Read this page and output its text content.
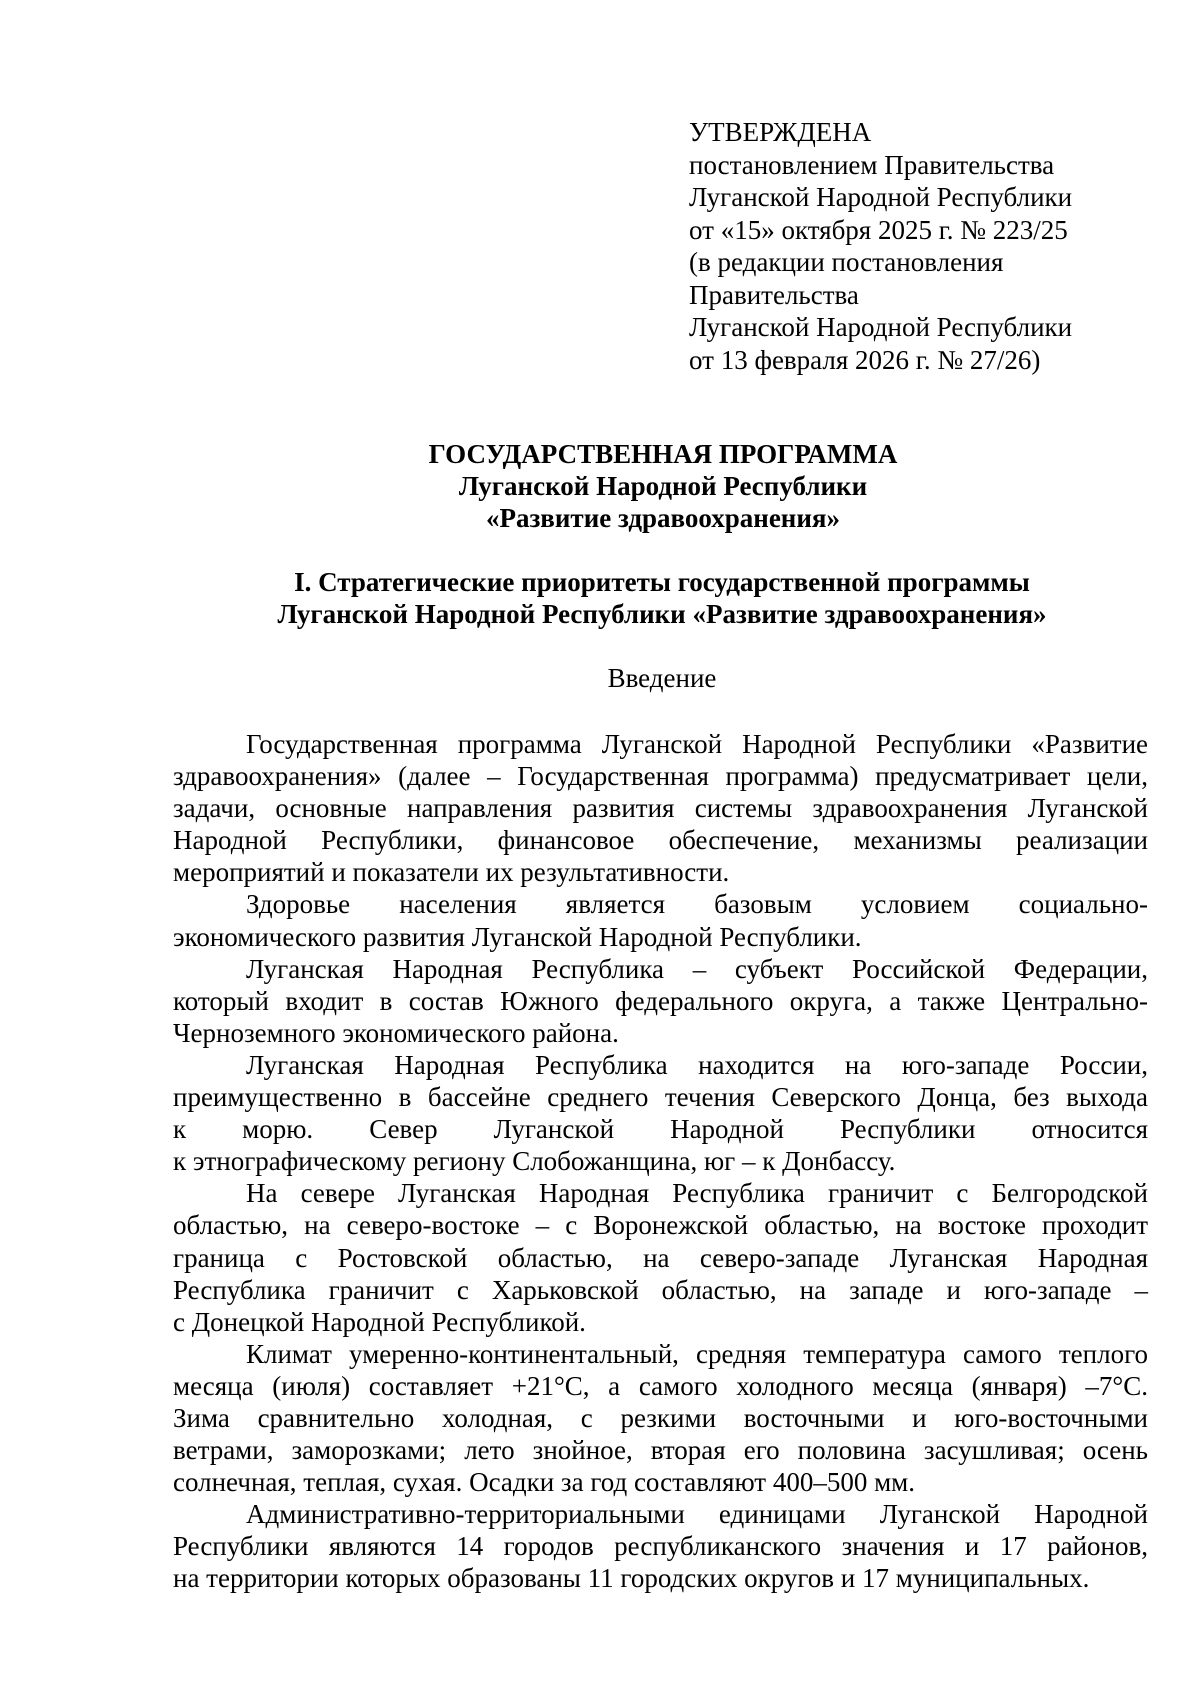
УТВЕРЖДЕНА
постановлением Правительства
Луганской Народной Республики
от «15» октября 2025 г. № 223/25
(в редакции постановления
Правительства
Луганской Народной Республики
от 13 февраля 2026 г. № 27/26)
ГОСУДАРСТВЕННАЯ ПРОГРАММА
Луганской Народной Республики
«Развитие здравоохранения»
I. Стратегические приоритеты государственной программы
Луганской Народной Республики «Развитие здравоохранения»
Введение
Государственная программа Луганской Народной Республики «Развитие
здравоохранения» (далее – Государственная программа) предусматривает цели,
задачи, основные направления развития системы здравоохранения Луганской
Народной Республики, финансовое обеспечение, механизмы реализации
мероприятий и показатели их результативности.
Здоровье населения является базовым условием социально-
экономического развития Луганской Народной Республики.
Луганская Народная Республика – субъект Российской Федерации,
который входит в состав Южного федерального округа, а также Центрально-
Черноземного экономического района.
Луганская Народная Республика находится на юго-западе России,
преимущественно в бассейне среднего течения Северского Донца, без выхода
к морю. Север Луганской Народной Республики относится
к этнографическому региону Слобожанщина, юг – к Донбассу.
На севере Луганская Народная Республика граничит с Белгородской
областью, на северо-востоке – с Воронежской областью, на востоке проходит
граница с Ростовской областью, на северо-западе Луганская Народная
Республика граничит с Харьковской областью, на западе и юго-западе –
с Донецкой Народной Республикой.
Климат умеренно-континентальный, средняя температура самого теплого
месяца (июля) составляет +21°С, а самого холодного месяца (января) –7°С.
Зима сравнительно холодная, с резкими восточными и юго-восточными
ветрами, заморозками; лето знойное, вторая его половина засушливая; осень
солнечная, теплая, сухая. Осадки за год составляют 400–500 мм.
Административно-территориальными единицами Луганской Народной
Республики являются 14 городов республиканского значения и 17 районов,
на территории которых образованы 11 городских округов и 17 муниципальных.
